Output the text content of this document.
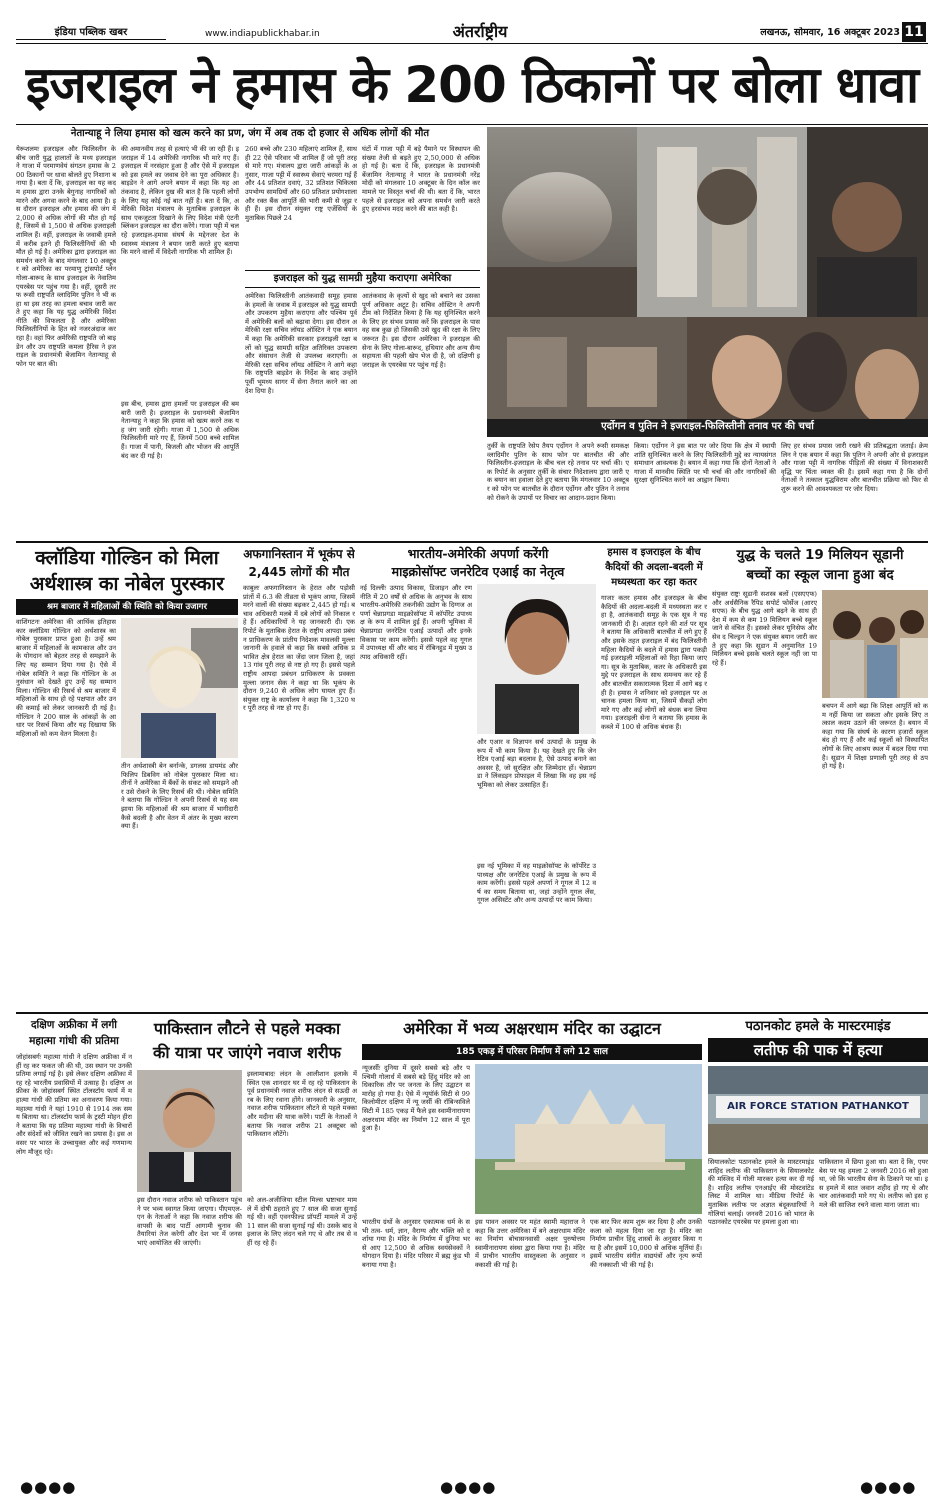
इंडिया पब्लिक खबर	www.indiapublickhabar.in	अंतर्राष्ट्रीय	लखनऊ, सोमवार, 16 अक्टूबर 2023 11
इजराइल ने हमास के 200 ठिकानों पर बोला धावा
नेतान्याहू ने लिया हमास को खत्म करने का प्रण, जंग में अब तक दो हजार से अधिक लोगों की मौत
येरूशलमः इजराइल और फिलिस्तीन के बीच जारी युद्ध हालातों के मध्य इजराइल ने गाजा में परमाणवेयं संगठन हमास के 200 ठिकानों पर धावा बोलते हुए निशाना बनाया है। बता दें कि, इजराइल का यह कदम हमास द्वारा उनके बेगुनाह नागरिकों को मारने और अगवा करने के बाद आया है। इस दौरान इजराइल और हमास की जंग में 2,000 से अधिक लोगों की मौत हो गई है, जिसमें से 1,500 से अधिक इजराइली शामिल हैं। वहीं, इजराइल के जवाबी हमले में करीब इतने ही फिलिस्तीनियों की भी मौत हो गई है। अमेरिका द्वारा इजराइल का समर्थन करने के बाद मंगलवार 10 अक्टूबर को अमेरिका का परमाणु ट्रांसपोर्ट प्लेन गोला-बारूद के साथ इजराइल के नेवातिम एयरबेस पर पहुंच गया है। वहीं, दूसरी तरफ रूसी राष्ट्रपति व्लादिमिर पुतिन ने भी कहा था इस तरह का हमला बचाव जारी करते हुए कहा कि यह युद्ध अमेरिकी विदेश नीति की विफलता है और अमेरिका फिलिस्तीनियों के हित को नजरअंदाज कर रहा है। वहां फिर अमेरिकी राष्ट्रपति जो बाइडेन और उप राष्ट्रपति कमला हैरिस ने इजराइल के प्रधानमंत्री बेंजामिन नेतान्याहू से फोन पर बात की।
की अमानवीय तरह से हत्याएं भी की जा रही हैं। इजराइल में 14 अमेरिकी नागरिक भी मारे गए हैं। इजराइल में नरसंहार हुआ है और ऐसे में इजराइल को इस हमले का जवाब देने का पूरा अधिकार है। बाइडेन ने आगे अपने बयान में कहा कि यह आतंकवाद है, लेकिन दुख की बात है कि पहली लोगों के लिए यह कोई नई बात नहीं है। बता दें कि, अमेरिकी विदेश मंत्रालय के मुताबिक इजराइल के साथ एकजुटता दिखाने के लिए विदेश मंत्री एंटनी ब्लिंकन इजराइल का दौरा करेंगे। गाजा पट्टी में चल रहे इजराइल-हमास संघर्ष के मद्देनजर देश के स्वास्थ्य मंत्रालय ने बयान जारी करते हुए बताया कि मरने वालों में विदेशी नागरिक भी शामिल हैं।
इस बीच, हमास द्वारा हमलों पर इजराइल की बमबारी जारी है। इजराइल के प्रधानमंत्री बेंजामिन नेतान्याहू ने कहा कि हमास को खत्म करने तक यह जंग जारी रहेगी। गाजा में 1,500 से अधिक फिलिस्तीनी मारे गए हैं, जिनमें 500 बच्चे शामिल हैं। गाजा में पानी, बिजली और भोजन की आपूर्ति बंद कर दी गई है।
260 बच्चे और 230 महिलाएं शामिल हैं, साथ ही 22 ऐसे परिवार भी शामिल हैं जो पूरी तरह से मारे गए। मंत्रालय द्वारा जारी आंकड़ों के अनुसार, गाजा पट्टी में स्वास्थ्य सेवाएं चरमरा गई हैं और 44 प्रतिशत दवाएं, 32 प्रतिशत चिकित्सा उपभोग्य सामग्रियों और 60 प्रतिशत प्रयोगशाला और रक्त बैंक आपूर्ति की भारी कमी से जूझ रही हैं। इस दौरान संयुक्त राष्ट्र एजेंसियों के मुताबिक पिछले 24
घंटों में गाजा पट्टी में बड़े पैमाने पर विस्थापन की संख्या तेजी से बढ़ते हुए 2,50,000 से अधिक हो गई है। बता दें कि, इजराइल के प्रधानमंत्री बेंजामिन नेतान्याहू ने भारत के प्रधानमंत्री नरेंद्र मोदी को मंगलवार 10 अक्टूबर के दिन कॉल कर मामले पर विस्तृत चर्चा की थी। बता दें कि, भारत पहले से इजराइल को अपना समर्थन जारी करते हुए हरसंभव मदद करने की बात कही है।
इजराइल को युद्ध सामग्री मुहैया कराएगा अमेरिका
अमेरिका फिलिस्तीनी आतंकवादी समूह हमास के हमलों के जवाब में इजराइल को युद्ध सामग्री और उपकरण मुहैया कराएगा और पश्चिम पूर्व में अमेरिकी बलों को बढ़ावा देगा। इस दौरान अमेरिकी रक्षा सचिव लॉयड ऑस्टिन ने एक बयान में कहा कि अमेरिकी सरकार इजराइली रक्षा बलों को युद्ध सामग्री सहित अतिरिक्त उपकरण और संसाधन तेजी से उपलब्ध कराएगी। अमेरिकी रक्षा सचिव लॉयड ऑस्टिन ने आगे कहा कि राष्ट्रपति बाइडेन के निर्देश के बाद उन्होंने पूर्वी भूमध्य सागर में सेना तैनात करने का आदेश दिया है।
आतंकवाद के कृत्यों से खुद को बचाने का उसका पूर्ण अधिकार अटूट है। सचिव ऑस्टिन ने अपनी टीम को निर्देशित किया है कि यह सुनिश्चित करने के लिए हर संभव प्रयास करें कि इजराइल के पास वह सब कुछ हो जिसकी उसे खुद की रक्षा के लिए जरूरत है। इस दौरान अमेरिका ने इजराइल की सेना के लिए गोला-बारूद, हथियार और अन्य सैन्य सहायता की पहली खेप भेज दी है, जो दक्षिणी इजराइल के एयरबेस पर पहुंच गई है।
एर्दोगन व पुतिन ने इजराइल-फिलिस्तीनी तनाव पर की चर्चा
तुर्की के राष्ट्रपति रेसेप तैयप एर्दोगन ने अपने रूसी समकक्ष व्लादिमीर पुतिन के साथ फोन पर बातचीत की और फिलिस्तीन-इजराइल के बीच चल रहे तनाव पर चर्चा की। एक रिपोर्ट के अनुसार तुर्की के संचार निदेशालय द्वारा जारी एक बयान का हवाला देते हुए बताया कि मंगलवार 10 अक्टूबर को फोन पर बातचीत के दौरान एर्दोगन और पुतिन ने तनाव को रोकने के उपायों पर विचार का आदान-प्रदान किया।
किया। एर्दोगन ने इस बात पर जोर दिया कि क्षेत्र में स्थायी शांति सुनिश्चित करने के लिए फिलिस्तीनी मुद्दे का न्यायसंगत समाधान आवश्यक है। बयान में कहा गया कि दोनों नेताओं ने गाजा में मानवीय स्थिति पर भी चर्चा की और नागरिकों की सुरक्षा सुनिश्चित करने का आह्वान किया।
लिए हर संभव प्रयास जारी रखने की प्रतिबद्धता जताई। क्रेमलिन ने एक बयान में कहा कि पुतिन ने अपनी ओर से इजराइल और गाजा पट्टी में नागरिक पीड़ितों की संख्या में विनाशकारी वृद्धि पर चिंता व्यक्त की है। इसमें कहा गया है कि दोनों नेताओं ने तत्काल युद्धविराम और बातचीत प्रक्रिया को फिर से शुरू करने की आवश्यकता पर जोर दिया।
क्लॉडिया गोल्डिन को मिला
अर्थशास्त्र का नोबेल पुरस्कार
श्रम बाजार में महिलाओं की स्थिति को किया उजागर
वाशिंगटनः अमेरिका की आर्थिक इतिहासकार क्लॉडिया गोल्डिन को अर्थशास्त्र का नोबेल पुरस्कार प्राप्त हुआ है। उन्हें श्रम बाजार में महिलाओं के कामकाज और उनके योगदान को बेहतर तरह से समझाने के लिए यह सम्मान दिया गया है। ऐसे में नोबेल समिति ने कहा कि गोल्डिन के अनुसंधान को देखते हुए उन्हें यह सम्मान मिला। गोल्डिन की रिसर्च से श्रम बाजार में महिलाओं के साथ हो रहे पक्षपात और उनकी कमाई को लेकर जानकारी दी गई है। गोल्डिन ने 200 साल के आंकड़ों के आधार पर रिसर्च किया और यह दिखाया कि महिलाओं को कम वेतन मिलता है।
तीन अर्थशास्त्री बेन बर्नान्के, डगलस डायमंड और फिलिप डिबविग को नोबेल पुरस्कार मिला था। तीनों ने अमेरिका में बैंकों के संकट को समझने और उसे रोकने के लिए रिसर्च की थी। नोबेल समिति ने बताया कि गोल्डिन ने अपनी रिसर्च से यह समझाया कि महिलाओं की श्रम बाजार में भागीदारी कैसे बदली है और वेतन में अंतर के मुख्य कारण क्या हैं।
अफगानिस्तान में भूकंप से
2,445 लोगों की मौत
काबुलः अफगानिस्तान के हेरात और पड़ोसी प्रांतों में 6.3 की तीव्रता से भूकंप आया, जिसमें मरने वालों की संख्या बढ़कर 2,445 हो गई। बचाव अधिकारी मलबे में दबे लोगों को निकाल रहे हैं। अधिकारियों ने यह जानकारी दी। एक रिपोर्ट के मुताबिक हेरात के राष्ट्रीय आपदा प्रबंधन प्राधिकरण के प्रांतीय निदेशक मावलवी मुल्ला जानानी के हवाले से कहा कि सबसे अधिक प्रभावित क्षेत्र हेरात का जेंदा जान जिला है, जहां 13 गांव पूरी तरह से नष्ट हो गए हैं। इससे पहले राष्ट्रीय आपदा प्रबंधन प्राधिकरण के प्रवक्ता मुल्ला जनान सेक ने कहा था कि भूकंप के दौरान 9,240 से अधिक लोग घायल हुए हैं। संयुक्त राष्ट्र के कार्यालय ने कहा कि 1,320 घर पूरी तरह से नष्ट हो गए हैं।
भारतीय-अमेरिकी अपर्णा करेंगी
माइक्रोसॉफ्ट जनरेटिव एआई का नेतृत्व
नई दिल्लीः उत्पाद विकास, डिजाइन और रणनीति में 20 वर्षों से अधिक के अनुभव के साथ भारतीय-अमेरिकी तकनीकी उद्योग के दिग्गज अपर्णा चेन्नाप्रगडा माइक्रोसॉफ्ट में कॉर्पोरेट उपाध्यक्ष के रूप में शामिल हुई हैं। अपनी भूमिका में चेन्नाप्रगडा जनरेटिव एआई उत्पादों और इनके विकास पर काम करेंगी। इससे पहले वह गूगल में उपाध्यक्ष थीं और बाद में रॉबिनहुड में मुख्य उत्पाद अधिकारी रहीं।
और एआर व विज्ञापन सर्च उत्पादों के प्रमुख के रूप में भी काम किया है। यह देखते हुए कि जेनरेटिव एआई बड़ा बदलाव है, ऐसे उत्पाद बनाने का अवसर है, जो सुरक्षित और जिम्मेदार हों। चेन्नाप्रगडा ने लिंक्डइन प्रोफाइल में लिखा कि वह इस नई भूमिका को लेकर उत्साहित हैं।
इस नई भूमिका में वह माइक्रोसॉफ्ट के कॉर्पोरेट उपाध्यक्ष और जनरेटिव एआई के प्रमुख के रूप में काम करेंगी। इससे पहले अपर्णा ने गूगल में 12 वर्ष का समय बिताया था, जहां उन्होंने गूगल लेंस, गूगल असिस्टेंट और अन्य उत्पादों पर काम किया।
हमास व इजराइल के बीच
कैदियों की अदला-बदली में
मध्यस्थता कर रहा कतर
गाजाः कतर हमास और इजराइल के बीच कैदियों की अदला-बदली में मध्यस्थता कर रहा है, आतंकवादी समूह के एक सूत्र ने यह जानकारी दी है। अज्ञात रहने की शर्त पर सूत्र ने बताया कि अधिकारी बातचीत में लगे हुए हैं और इसके तहत इजराइल में बंद फिलिस्तीनी महिला कैदियों के बदले में हमास द्वारा पकड़ी गई इजराइली महिलाओं को रिहा किया जाएगा। सूत्र के मुताबिक, कतर के अधिकारी इस मुद्दे पर इजराइल के साथ समन्वय कर रहे हैं और बातचीत सकारात्मक दिशा में आगे बढ़ रही है। हमास ने शनिवार को इजराइल पर अचानक हमला किया था, जिसमें सैकड़ों लोग मारे गए और कई लोगों को बंधक बना लिया गया। इजराइली सेना ने बताया कि हमास के कब्जे में 100 से अधिक बंधक हैं।
युद्ध के चलते 19 मिलियन सूडानी
बच्चों का स्कूल जाना हुआ बंद
संयुक्त राष्ट्रः सूडानी सशस्त्र बलों (एसएएफ) और अर्धसैनिक रैपिड सपोर्ट फोर्सेज (आरएसएफ) के बीच युद्ध आगे बढ़ने के साथ ही देश में कम से कम 19 मिलियन बच्चे स्कूल जाने से वंचित हैं। इसको लेकर यूनिसेफ और सेव द चिल्ड्रन ने एक संयुक्त बयान जारी करते हुए कहा कि सूडान में अनुमानित 19 मिलियन बच्चे इसके चलते स्कूल नहीं जा पा रहे हैं।
बचपन में आगे बढ़ा कि शिक्षा आपूर्ति को कम नहीं किया जा सकता और इसके लिए तत्काल कदम उठाने की जरूरत है। बयान में कहा गया कि संघर्ष के कारण हजारों स्कूल बंद हो गए हैं और कई स्कूलों को विस्थापित लोगों के लिए आश्रय स्थल में बदल दिया गया है। सूडान में शिक्षा प्रणाली पूरी तरह से ठप हो गई है।
दक्षिण अफ्रीका में लगी
महात्मा गांधी की प्रतिमा
जोहांसबर्गः महात्मा गांधी ने दक्षिण अफ्रीका में नहीं रह कर फकत जी की थी, उस स्थान पर उनकी प्रतिमा लगाई गई है। इसे लेकर दक्षिण अफ्रीका में रह रहे भारतीय प्रवासियों में उत्साह है। दक्षिण अफ्रीका के जोहांसबर्ग स्थित टॉलस्टॉय फार्म में महात्मा गांधी की प्रतिमा का अनावरण किया गया। महात्मा गांधी ने यहां 1910 से 1914 तक समय बिताया था। टॉलस्टॉय फार्म के ट्रस्टी मोहन हीरा ने बताया कि यह प्रतिमा महात्मा गांधी के विचारों और संदेशों को जीवित रखने का प्रयास है। इस अवसर पर भारत के उच्चायुक्त और कई गणमान्य लोग मौजूद रहे।
पाकिस्तान लौटने से पहले मक्का
की यात्रा पर जाएंगे नवाज शरीफ
इस्लामाबादः लंदन के आलीशान इलाके में स्थित एक शानदार घर में रह रहे पाकिस्तान के पूर्व प्रधानमंत्री नवाज शरीफ लंदन से सऊदी अरब के लिए रवाना होंगे। जानकारी के अनुसार, नवाज शरीफ पाकिस्तान लौटने से पहले मक्का और मदीना की यात्रा करेंगे। पार्टी के नेताओं ने बताया कि नवाज शरीफ 21 अक्टूबर को पाकिस्तान लौटेंगे।
इस दौरान नवाज शरीफ को पाकिस्तान पहुंचने पर भव्य स्वागत किया जाएगा। पीएमएल-एन के नेताओं ने कहा कि नवाज शरीफ की वापसी के बाद पार्टी आगामी चुनाव की तैयारियां तेज करेगी और देश भर में जनसभाएं आयोजित की जाएंगी।
को अल-अजीजिया स्टील मिल्स भ्रष्टाचार मामले में दोषी ठहराते हुए 7 साल की सजा सुनाई गई थी। वहीं एवनफील्ड प्रॉपर्टी मामले में उन्हें 11 साल की सजा सुनाई गई थी। उसके बाद वे इलाज के लिए लंदन चले गए थे और तब से वहीं रह रहे हैं।
अमेरिका में भव्य अक्षरधाम मंदिर का उद्घाटन
185 एकड़ में परिसर निर्माण में लगे 12 साल
न्यूजर्सीः दुनिया में दूसरे सबसे बड़े और पश्चिमी गोलार्ध में सबसे बड़े हिंदू मंदिर को आधिकारिक तौर पर जनता के लिए उद्घाटन समारोह हो गया है। ऐसे में न्यूयॉर्क सिटी से 99 किलोमीटर दक्षिण में न्यू जर्सी की रॉबिन्सविले सिटी में 185 एकड़ में फैले इस स्वामीनारायण अक्षरधाम मंदिर का निर्माण 12 साल में पूरा हुआ है।
इस पावन अवसर पर महंत स्वामी महाराज ने कहा कि उत्तर अमेरिका में बने अक्षरधाम मंदिर का निर्माण बोचासनवासी अक्षर पुरुषोत्तम स्वामीनारायण संस्था द्वारा किया गया है। मंदिर में प्राचीन भारतीय वास्तुकला के अनुसार नक्काशी की गई है।
भारतीय ग्रंथों के अनुसार एकात्मक धर्म के सभी तत्व- धर्म, ज्ञान, वैराग्य और भक्ति को दर्शाया गया है। मंदिर के निर्माण में दुनिया भर से आए 12,500 से अधिक स्वयंसेवकों ने योगदान दिया है। मंदिर परिसर में ब्रह्म कुंड भी बनाया गया है।
एक बार फिर काम शुरू कर दिया है और उनकी कला को महत्व दिया जा रहा है। मंदिर का निर्माण प्राचीन हिंदू शास्त्रों के अनुसार किया गया है और इसमें 10,000 से अधिक मूर्तियां हैं। इसमें भारतीय संगीत वाद्ययंत्रों और नृत्य रूपों की नक्काशी भी की गई है।
पठानकोट हमले के मास्टरमाइंड
लतीफ की पाक में हत्या
AIR FORCE STATION PATHANKOT
सियालकोटः पठानकोट हमले के मास्टरमाइंड शाहिद लतीफ की पाकिस्तान के सियालकोट की मस्जिद में गोली मारकर हत्या कर दी गई है। शाहिद लतीफ एनआईए की मोस्टवांटेड लिस्ट में शामिल था। मीडिया रिपोर्ट के मुताबिक लतीफ पर अज्ञात बंदूकधारियों ने गोलियां चलाईं। जनवरी 2016 को भारत के पठानकोट एयरबेस पर हमला हुआ था।
पाकिस्तान में छिपा हुआ था। बता दें कि, एयरबेस पर यह हमला 2 जनवरी 2016 को हुआ था, जो कि भारतीय सेना के ठिकाने पर था। इस हमले में सात जवान शहीद हो गए थे और चार आतंकवादी मारे गए थे। लतीफ को इस हमले की साजिश रचने वाला माना जाता था।
●●●●	●●●●	●●●●
